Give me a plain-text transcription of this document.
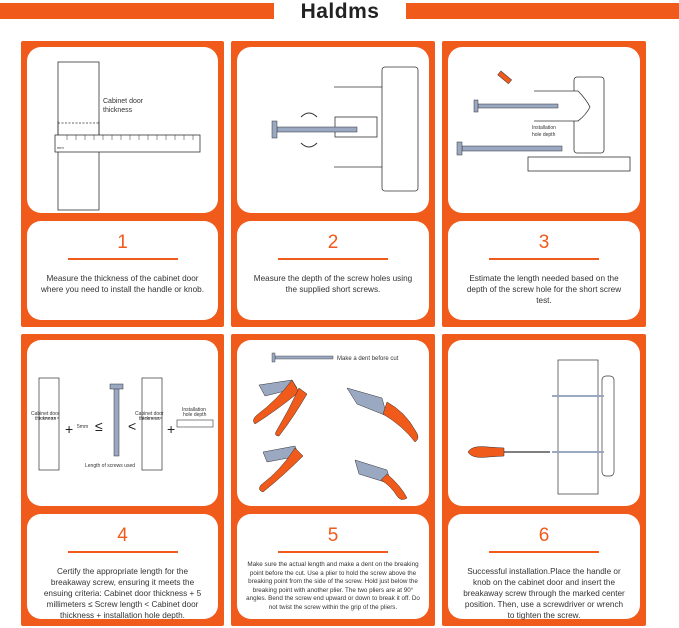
Haldms
Cabinet door
thickness
mm
1
Measure the thickness of the cabinet door where you need to install the handle or knob.
2
Measure the depth of the screw holes using the supplied short screws.
Installation
hole depth
3
Estimate the length needed based on the depth of the screw hole for the short screw test.
Cabinet door
thickness
+ 5mm ≤ <
Cabinet door
thickness
+
Installation
hole depth
Length of screws used
4
Certify the appropriate length for the breakaway screw, ensuring it meets the ensuing criteria: Cabinet door thickness + 5 millimeters ≤ Screw length < Cabinet door thickness + installation hole depth.
Make a dent before cut
5
Make sure the actual length and make a dent on the breaking point before the cut. Use a plier to hold the screw above the breaking point from the side of the screw. Hold just below the breaking point with another plier. The two pliers are at 90° angles. Bend the screw end upward or down to break it off. Do not twist the screw within the grip of the pliers.
6
Successful installation.Place the handle or knob on the cabinet door and insert the breakaway screw through the marked center position. Then, use a screwdriver or wrench to tighten the screw.
